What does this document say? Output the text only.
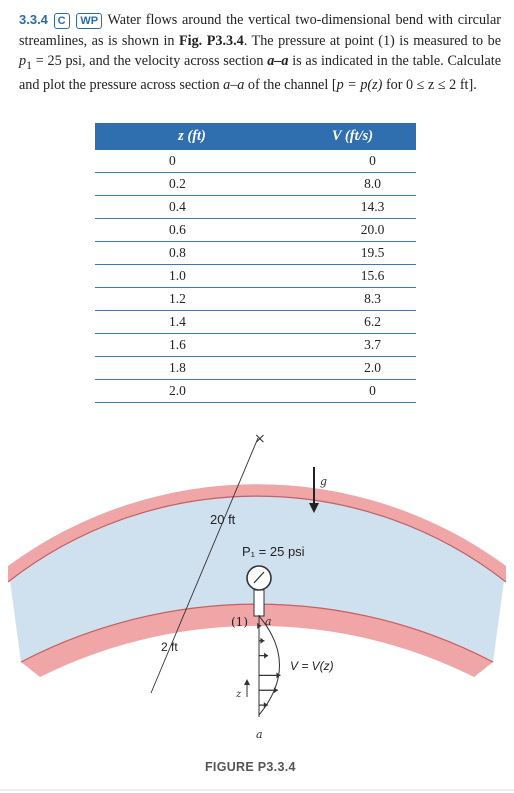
3.3.4 C WP Water flows around the vertical two-dimensional bend with circular streamlines, as is shown in Fig. P3.3.4. The pressure at point (1) is measured to be $p_1 = 25$ psi, and the velocity across section a–a is as indicated in the table. Calculate and plot the pressure across section a–a of the channel [p = p(z) for 0 ≤ z ≤ 2 ft].
z (ft)	V (ft/s)
0	0
0.2	8.0
0.4	14.3
0.6	20.0
0.8	19.5
1.0	15.6
1.2	8.3
1.4	6.2
1.6	3.7
1.8	2.0
2.0	0
×
g
20 ft
P₁ = 25 psi
a
a
(1)
V = V(z)
z
2 ft
FIGURE P3.3.4
